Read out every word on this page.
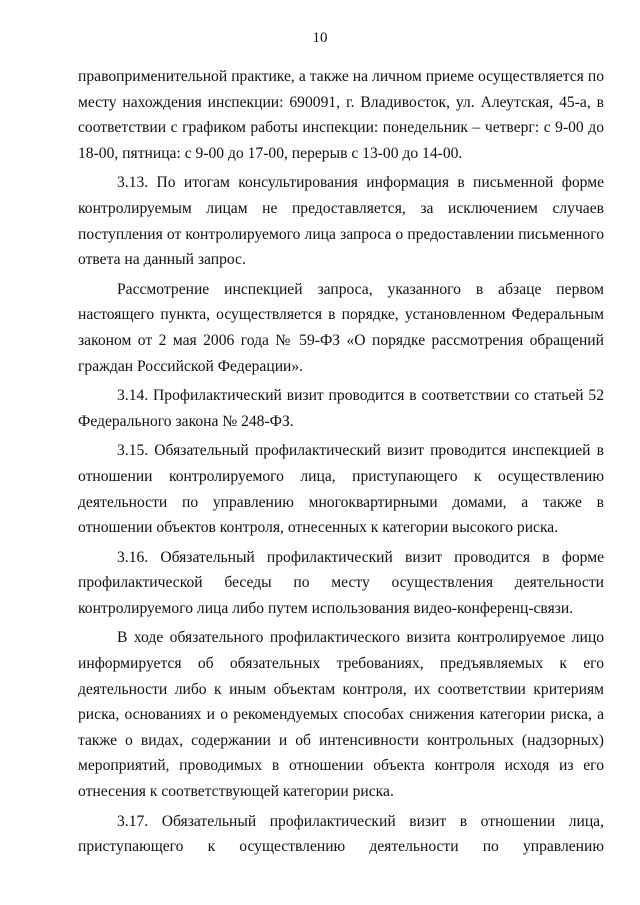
10

правоприменительной практике, а также на личном приеме осуществляется по месту нахождения инспекции: 690091, г. Владивосток, ул. Алеутская, 45-а, в соответствии с графиком работы инспекции: понедельник – четверг: с 9-00 до 18-00, пятница: с 9-00 до 17-00, перерыв с 13-00 до 14-00.

3.13. По итогам консультирования информация в письменной форме контролируемым лицам не предоставляется, за исключением случаев поступления от контролируемого лица запроса о предоставлении письменного ответа на данный запрос.

Рассмотрение инспекцией запроса, указанного в абзаце первом настоящего пункта, осуществляется в порядке, установленном Федеральным законом от 2 мая 2006 года № 59-ФЗ «О порядке рассмотрения обращений граждан Российской Федерации».

3.14. Профилактический визит проводится в соответствии со статьей 52 Федерального закона № 248-ФЗ.

3.15. Обязательный профилактический визит проводится инспекцией в отношении контролируемого лица, приступающего к осуществлению деятельности по управлению многоквартирными домами, а также в отношении объектов контроля, отнесенных к категории высокого риска.

3.16. Обязательный профилактический визит проводится в форме профилактической беседы по месту осуществления деятельности контролируемого лица либо путем использования видео-конференц-связи.

В ходе обязательного профилактического визита контролируемое лицо информируется об обязательных требованиях, предъявляемых к его деятельности либо к иным объектам контроля, их соответствии критериям риска, основаниях и о рекомендуемых способах снижения категории риска, а также о видах, содержании и об интенсивности контрольных (надзорных) мероприятий, проводимых в отношении объекта контроля исходя из его отнесения к соответствующей категории риска.

3.17. Обязательный профилактический визит в отношении лица, приступающего к осуществлению деятельности по управлению
